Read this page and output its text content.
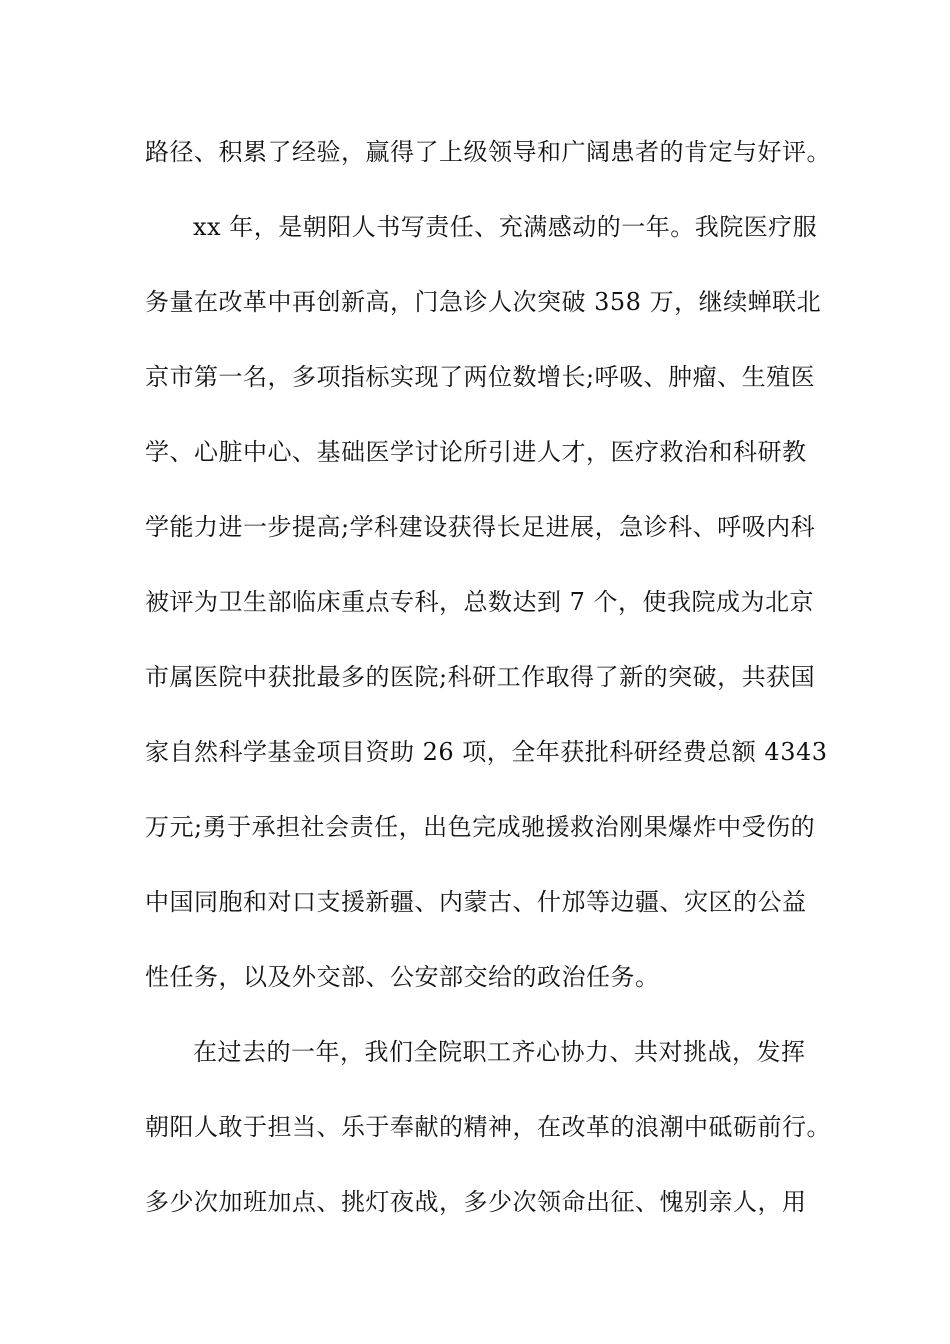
路径、积累了经验，赢得了上级领导和广阔患者的肯定与好评。
xx 年，是朝阳人书写责任、充满感动的一年。我院医疗服
务量在改革中再创新高，门急诊人次突破 358 万，继续蝉联北
京市第一名，多项指标实现了两位数增长;呼吸、肿瘤、生殖医
学、心脏中心、基础医学讨论所引进人才，医疗救治和科研教
学能力进一步提高;学科建设获得长足进展，急诊科、呼吸内科
被评为卫生部临床重点专科，总数达到 7 个，使我院成为北京
市属医院中获批最多的医院;科研工作取得了新的突破，共获国
家自然科学基金项目资助 26 项，全年获批科研经费总额 4343
万元;勇于承担社会责任，出色完成驰援救治刚果爆炸中受伤的
中国同胞和对口支援新疆、内蒙古、什邡等边疆、灾区的公益
性任务，以及外交部、公安部交给的政治任务。
在过去的一年，我们全院职工齐心协力、共对挑战，发挥
朝阳人敢于担当、乐于奉献的精神，在改革的浪潮中砥砺前行。
多少次加班加点、挑灯夜战，多少次领命出征、愧别亲人，用
